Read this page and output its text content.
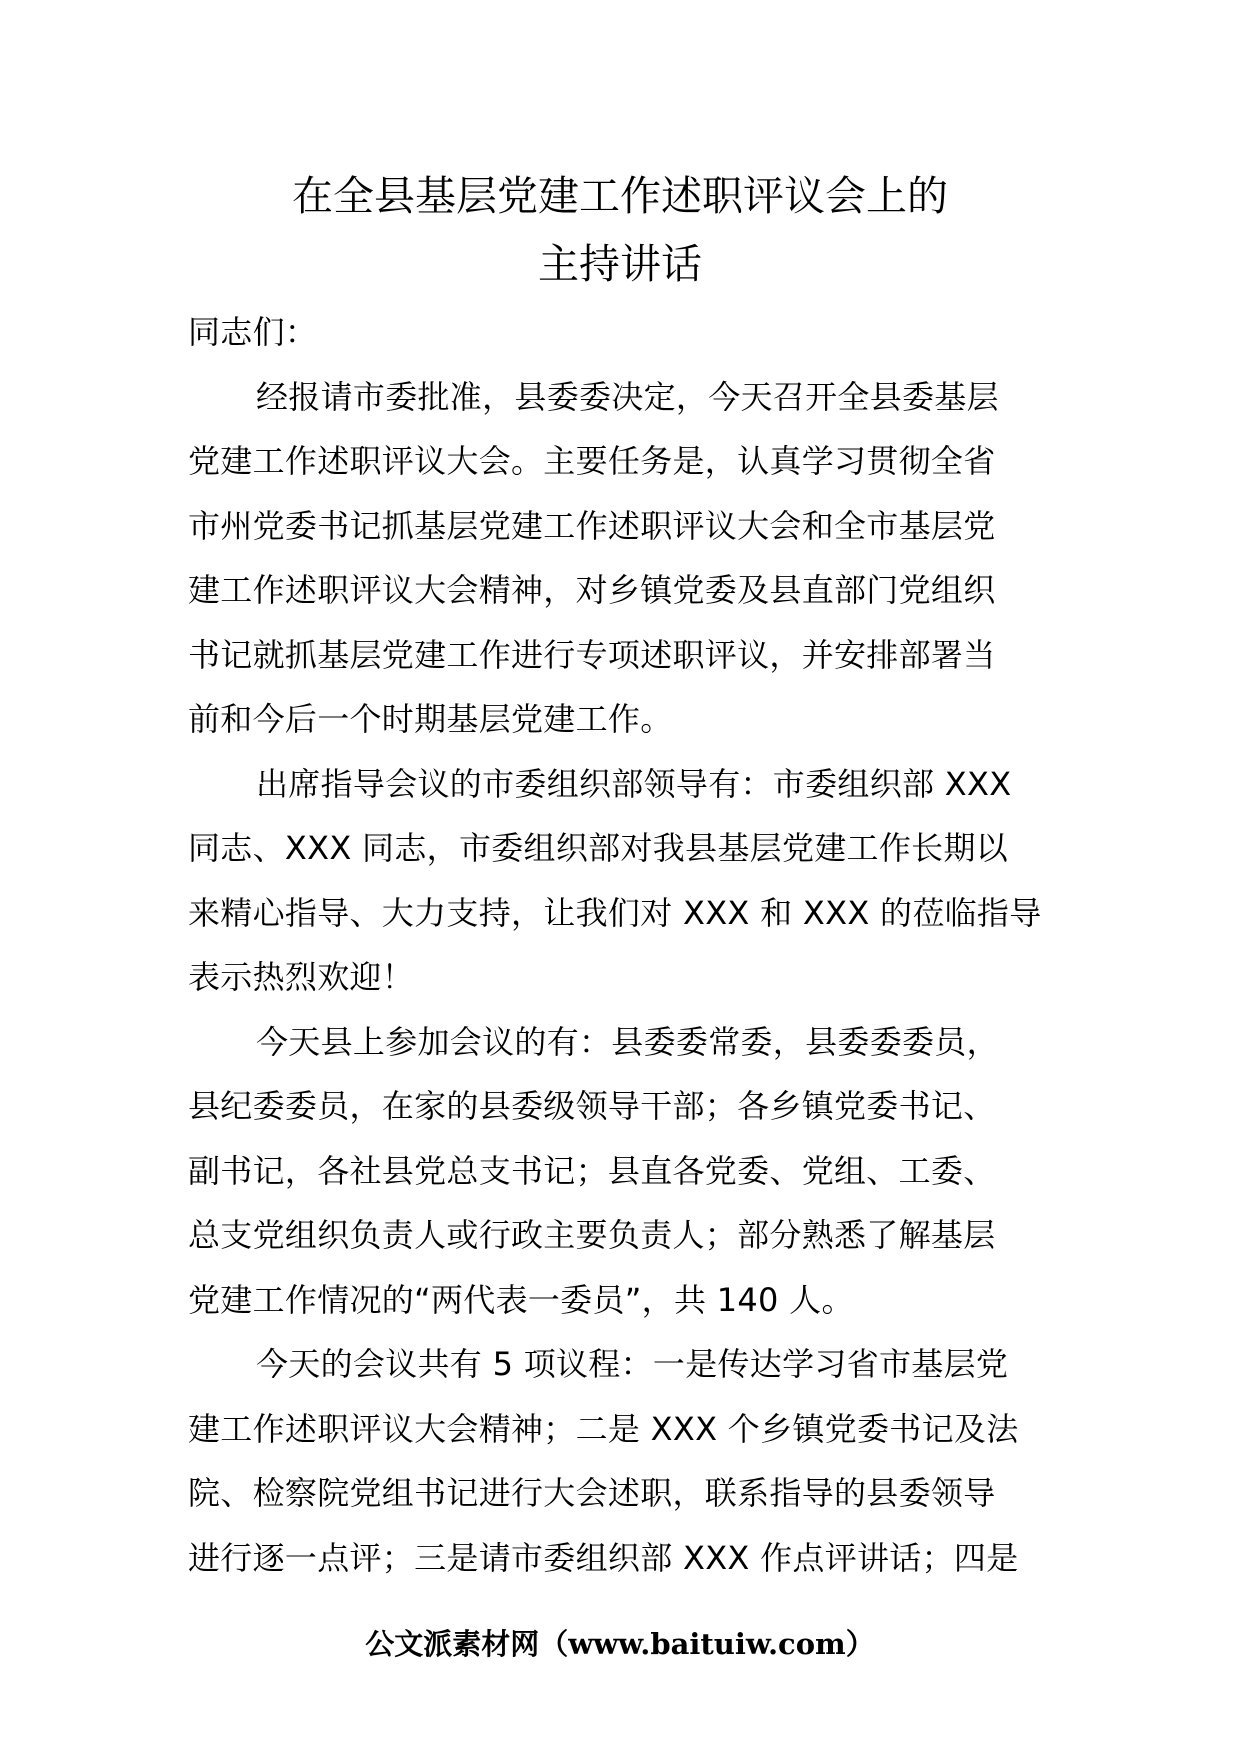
在全县基层党建工作述职评议会上的
主持讲话
同志们：
经报请市委批准，县委委决定，今天召开全县委基层
党建工作述职评议大会。主要任务是，认真学习贯彻全省
市州党委书记抓基层党建工作述职评议大会和全市基层党
建工作述职评议大会精神，对乡镇党委及县直部门党组织
书记就抓基层党建工作进行专项述职评议，并安排部署当
前和今后一个时期基层党建工作。
出席指导会议的市委组织部领导有：市委组织部 XXX
同志、XXX 同志，市委组织部对我县基层党建工作长期以
来精心指导、大力支持，让我们对 XXX 和 XXX 的莅临指导
表示热烈欢迎！
今天县上参加会议的有：县委委常委，县委委委员，
县纪委委员，在家的县委级领导干部；各乡镇党委书记、
副书记，各社县党总支书记；县直各党委、党组、工委、
总支党组织负责人或行政主要负责人；部分熟悉了解基层
党建工作情况的“两代表一委员”，共 140 人。
今天的会议共有 5 项议程：一是传达学习省市基层党
建工作述职评议大会精神；二是 XXX 个乡镇党委书记及法
院、检察院党组书记进行大会述职，联系指导的县委领导
进行逐一点评；三是请市委组织部 XXX 作点评讲话；四是
公文派素材网（www.baituiw.com）
